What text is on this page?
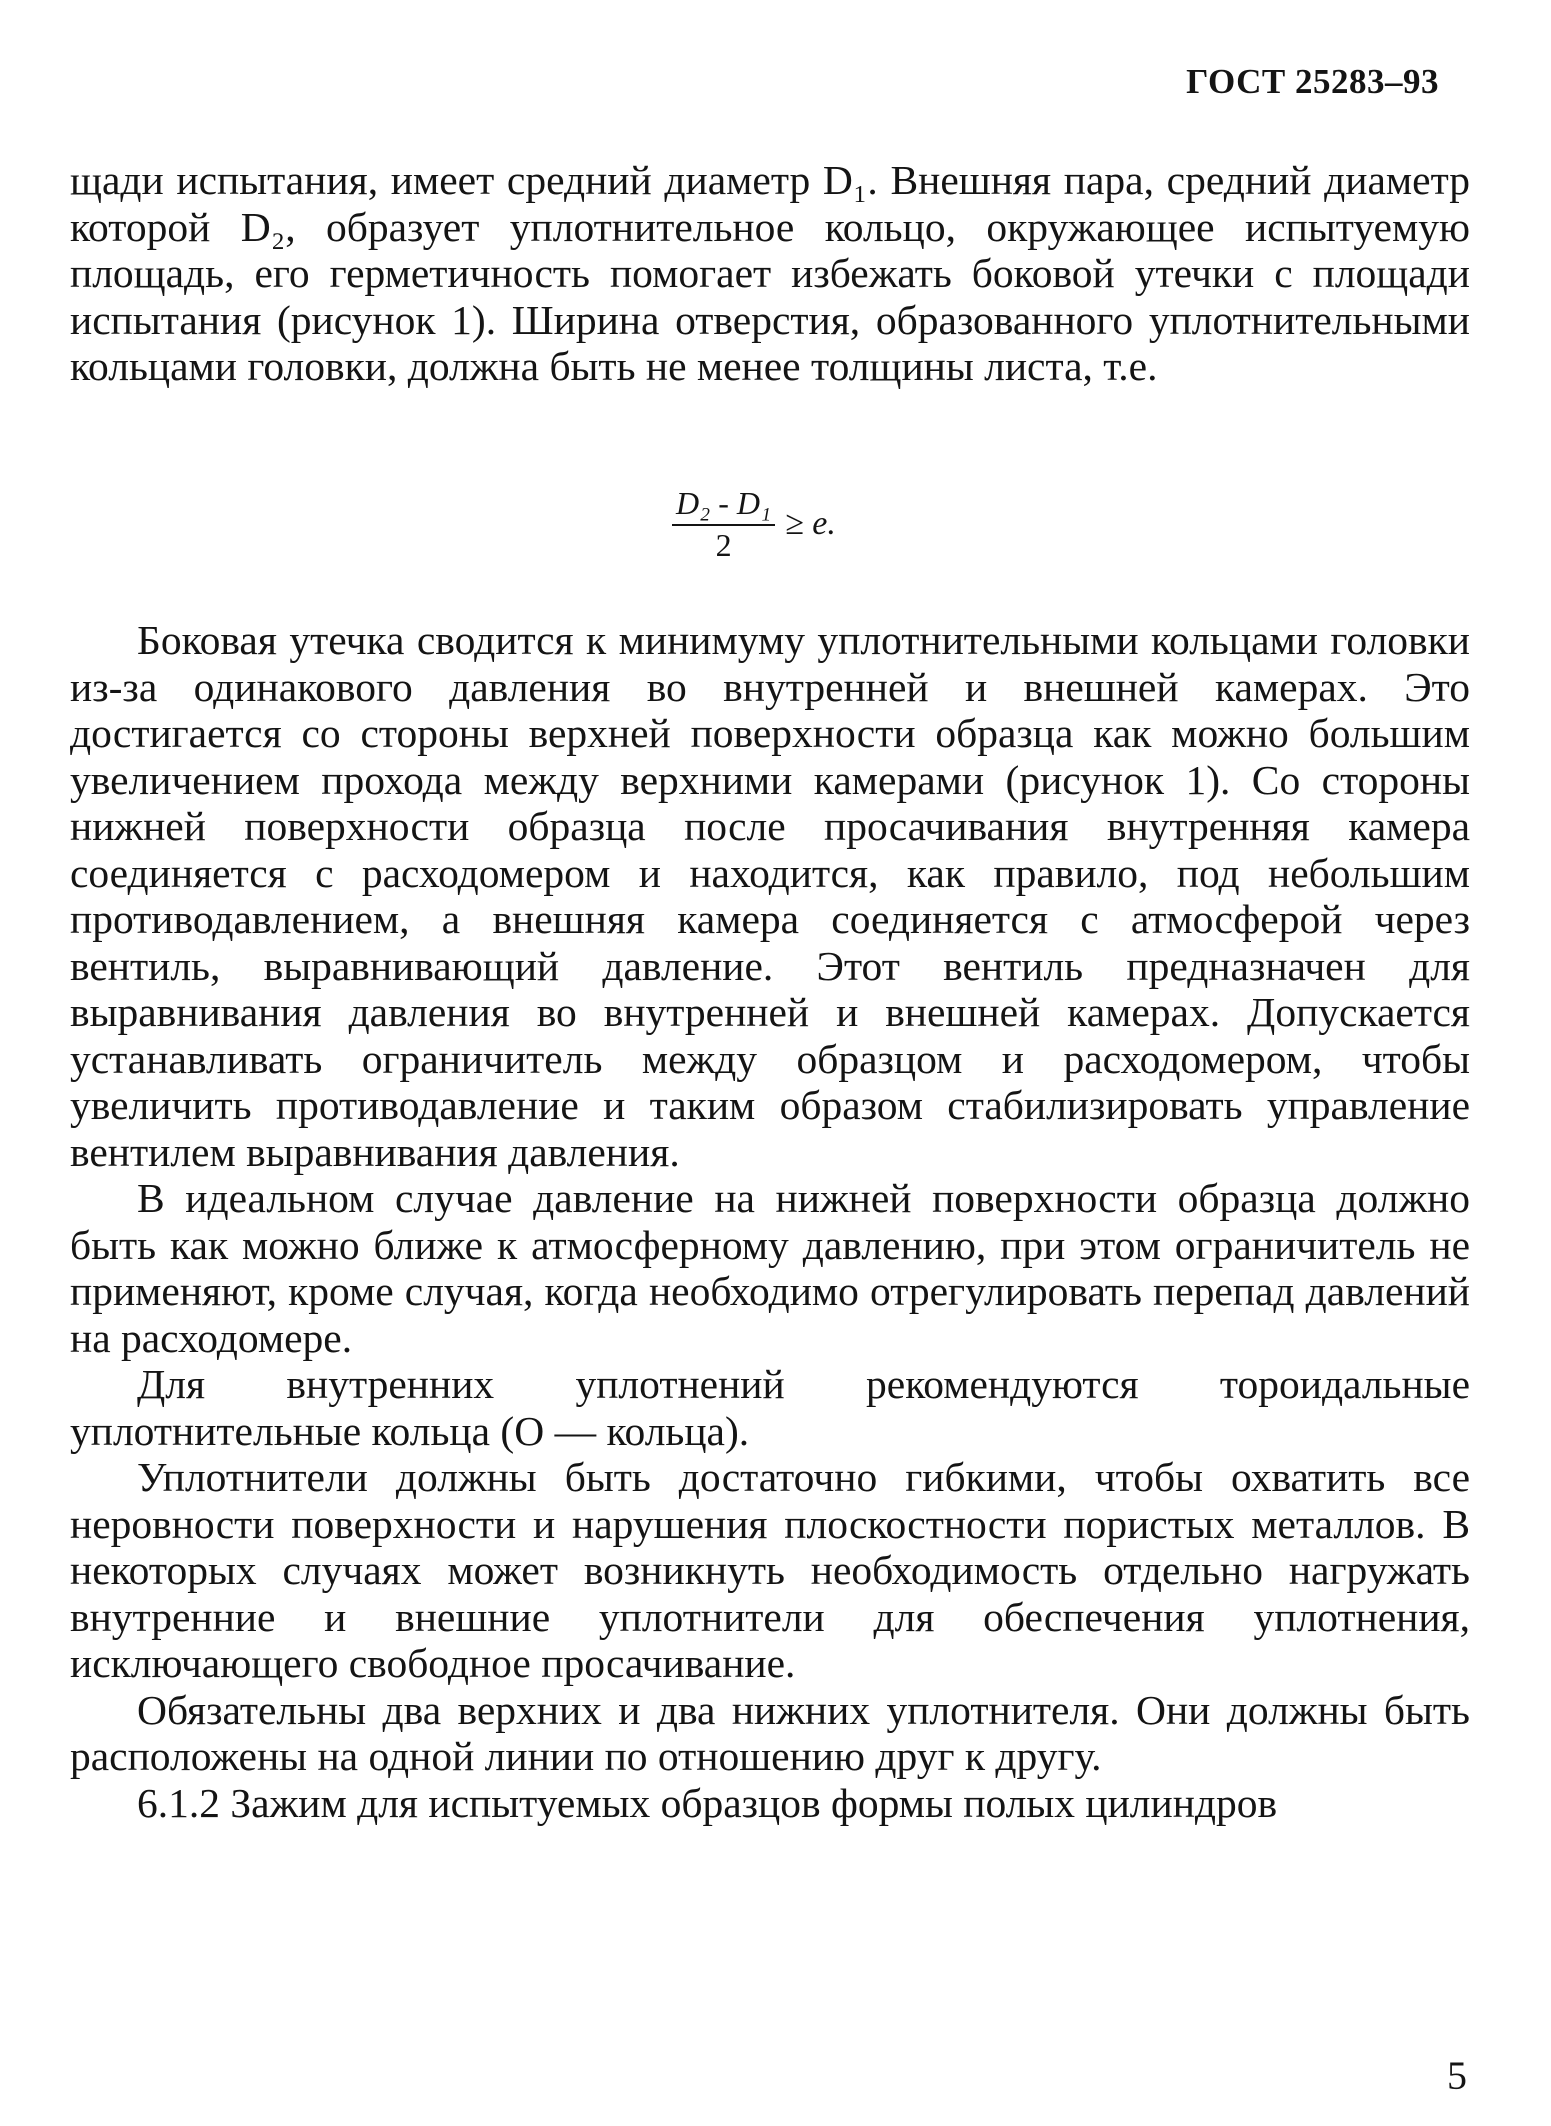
ГОСТ 25283–93

щади испытания, имеет средний диаметр D₁. Внешняя пара, средний диаметр которой D₂, образует уплотнительное кольцо, окружающее испытуемую площадь, его герметичность помогает избежать боковой утечки с площади испытания (рисунок 1). Ширина отверстия, образованного уплотнительными кольцами головки, должна быть не менее толщины листа, т.е.

$\frac{\text{D₂ - D₁}}{2} \ge e$.

Боковая утечка сводится к минимуму уплотнительными кольцами головки из-за одинакового давления во внутренней и внешней камерах. Это достигается со стороны верхней поверхности образца как можно большим увеличением прохода между верхними камерами (рисунок 1). Со стороны нижней поверхности образца после просачивания внутренняя камера соединяется с расходомером и находится, как правило, под небольшим противодавлением, а внешняя камера соединяется с атмосферой через вентиль, выравнивающий давление. Этот вентиль предназначен для выравнивания давления во внутренней и внешней камерах. Допускается устанавливать ограничитель между образцом и расходомером, чтобы увеличить противодавление и таким образом стабилизировать управление вентилем выравнивания давления.

В идеальном случае давление на нижней поверхности образца должно быть как можно ближе к атмосферному давлению, при этом ограничитель не применяют, кроме случая, когда необходимо отрегулировать перепад давлений на расходомере.

Для внутренних уплотнений рекомендуются тороидальные уплотнительные кольца (О — кольца).

Уплотнители должны быть достаточно гибкими, чтобы охватить все неровности поверхности и нарушения плоскостности пористых металлов. В некоторых случаях может возникнуть необходимость отдельно нагружать внутренние и внешние уплотнители для обеспечения уплотнения, исключающего свободное просачивание.

Обязательны два верхних и два нижних уплотнителя. Они должны быть расположены на одной линии по отношению друг к другу.

6.1.2 Зажим для испытуемых образцов формы полых цилиндров

5
